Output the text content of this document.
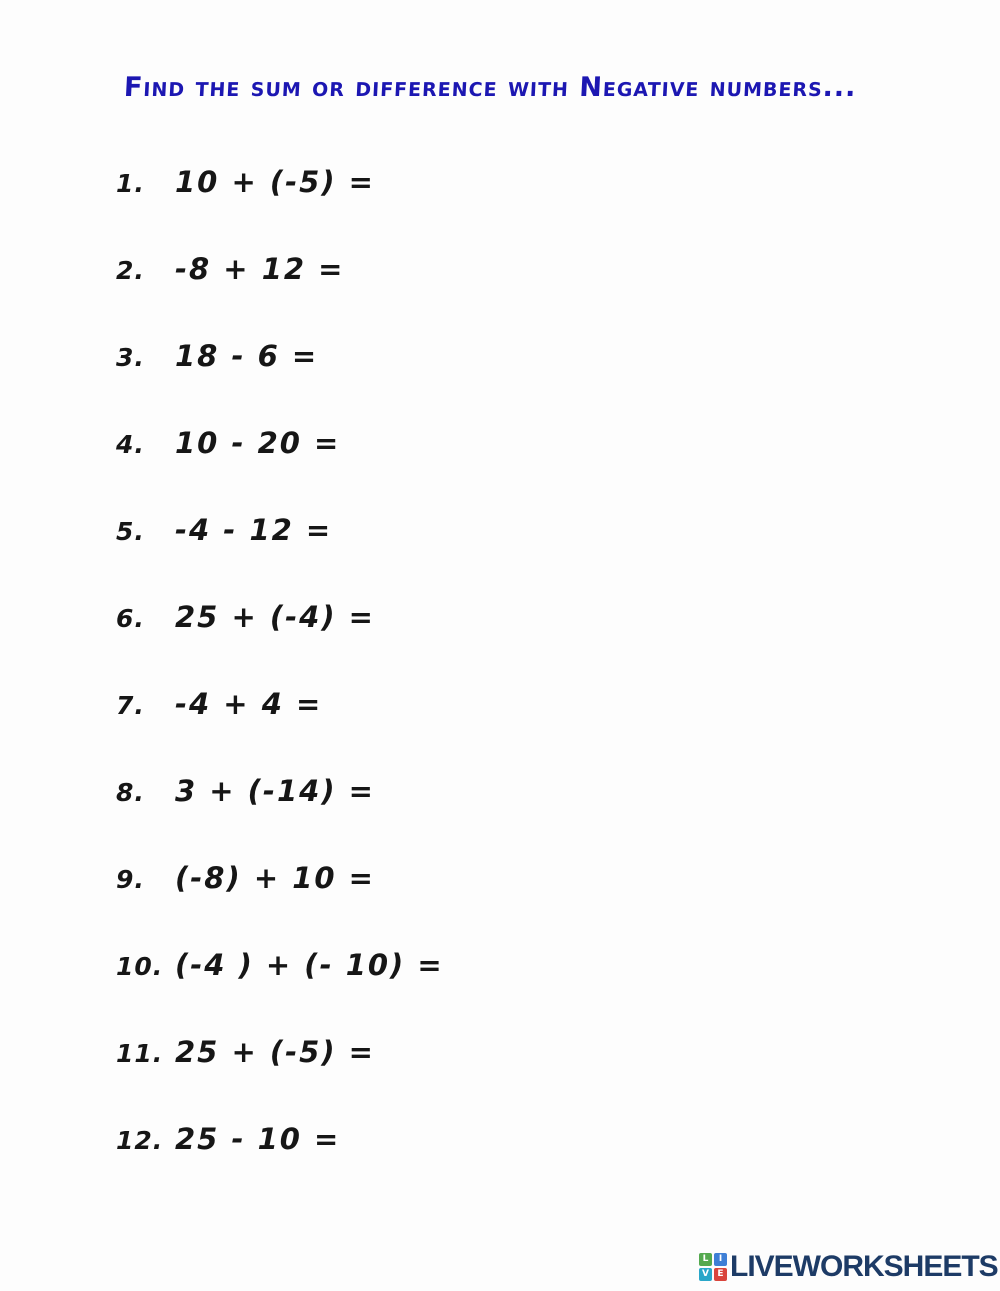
Find the sum or difference with Negative numbers...
1. 10 + (-5) =
2. -8 + 12 =
3. 18 - 6 =
4. 10 - 20 =
5. -4 - 12 =
6. 25 + (-4) =
7. -4 + 4 =
8. 3 + (-14) =
9. (-8) + 10 =
10. (-4 ) + (- 10) =
11. 25 + (-5) =
12. 25 - 10 =
L	I
V E LIVEWORKSHEETS
